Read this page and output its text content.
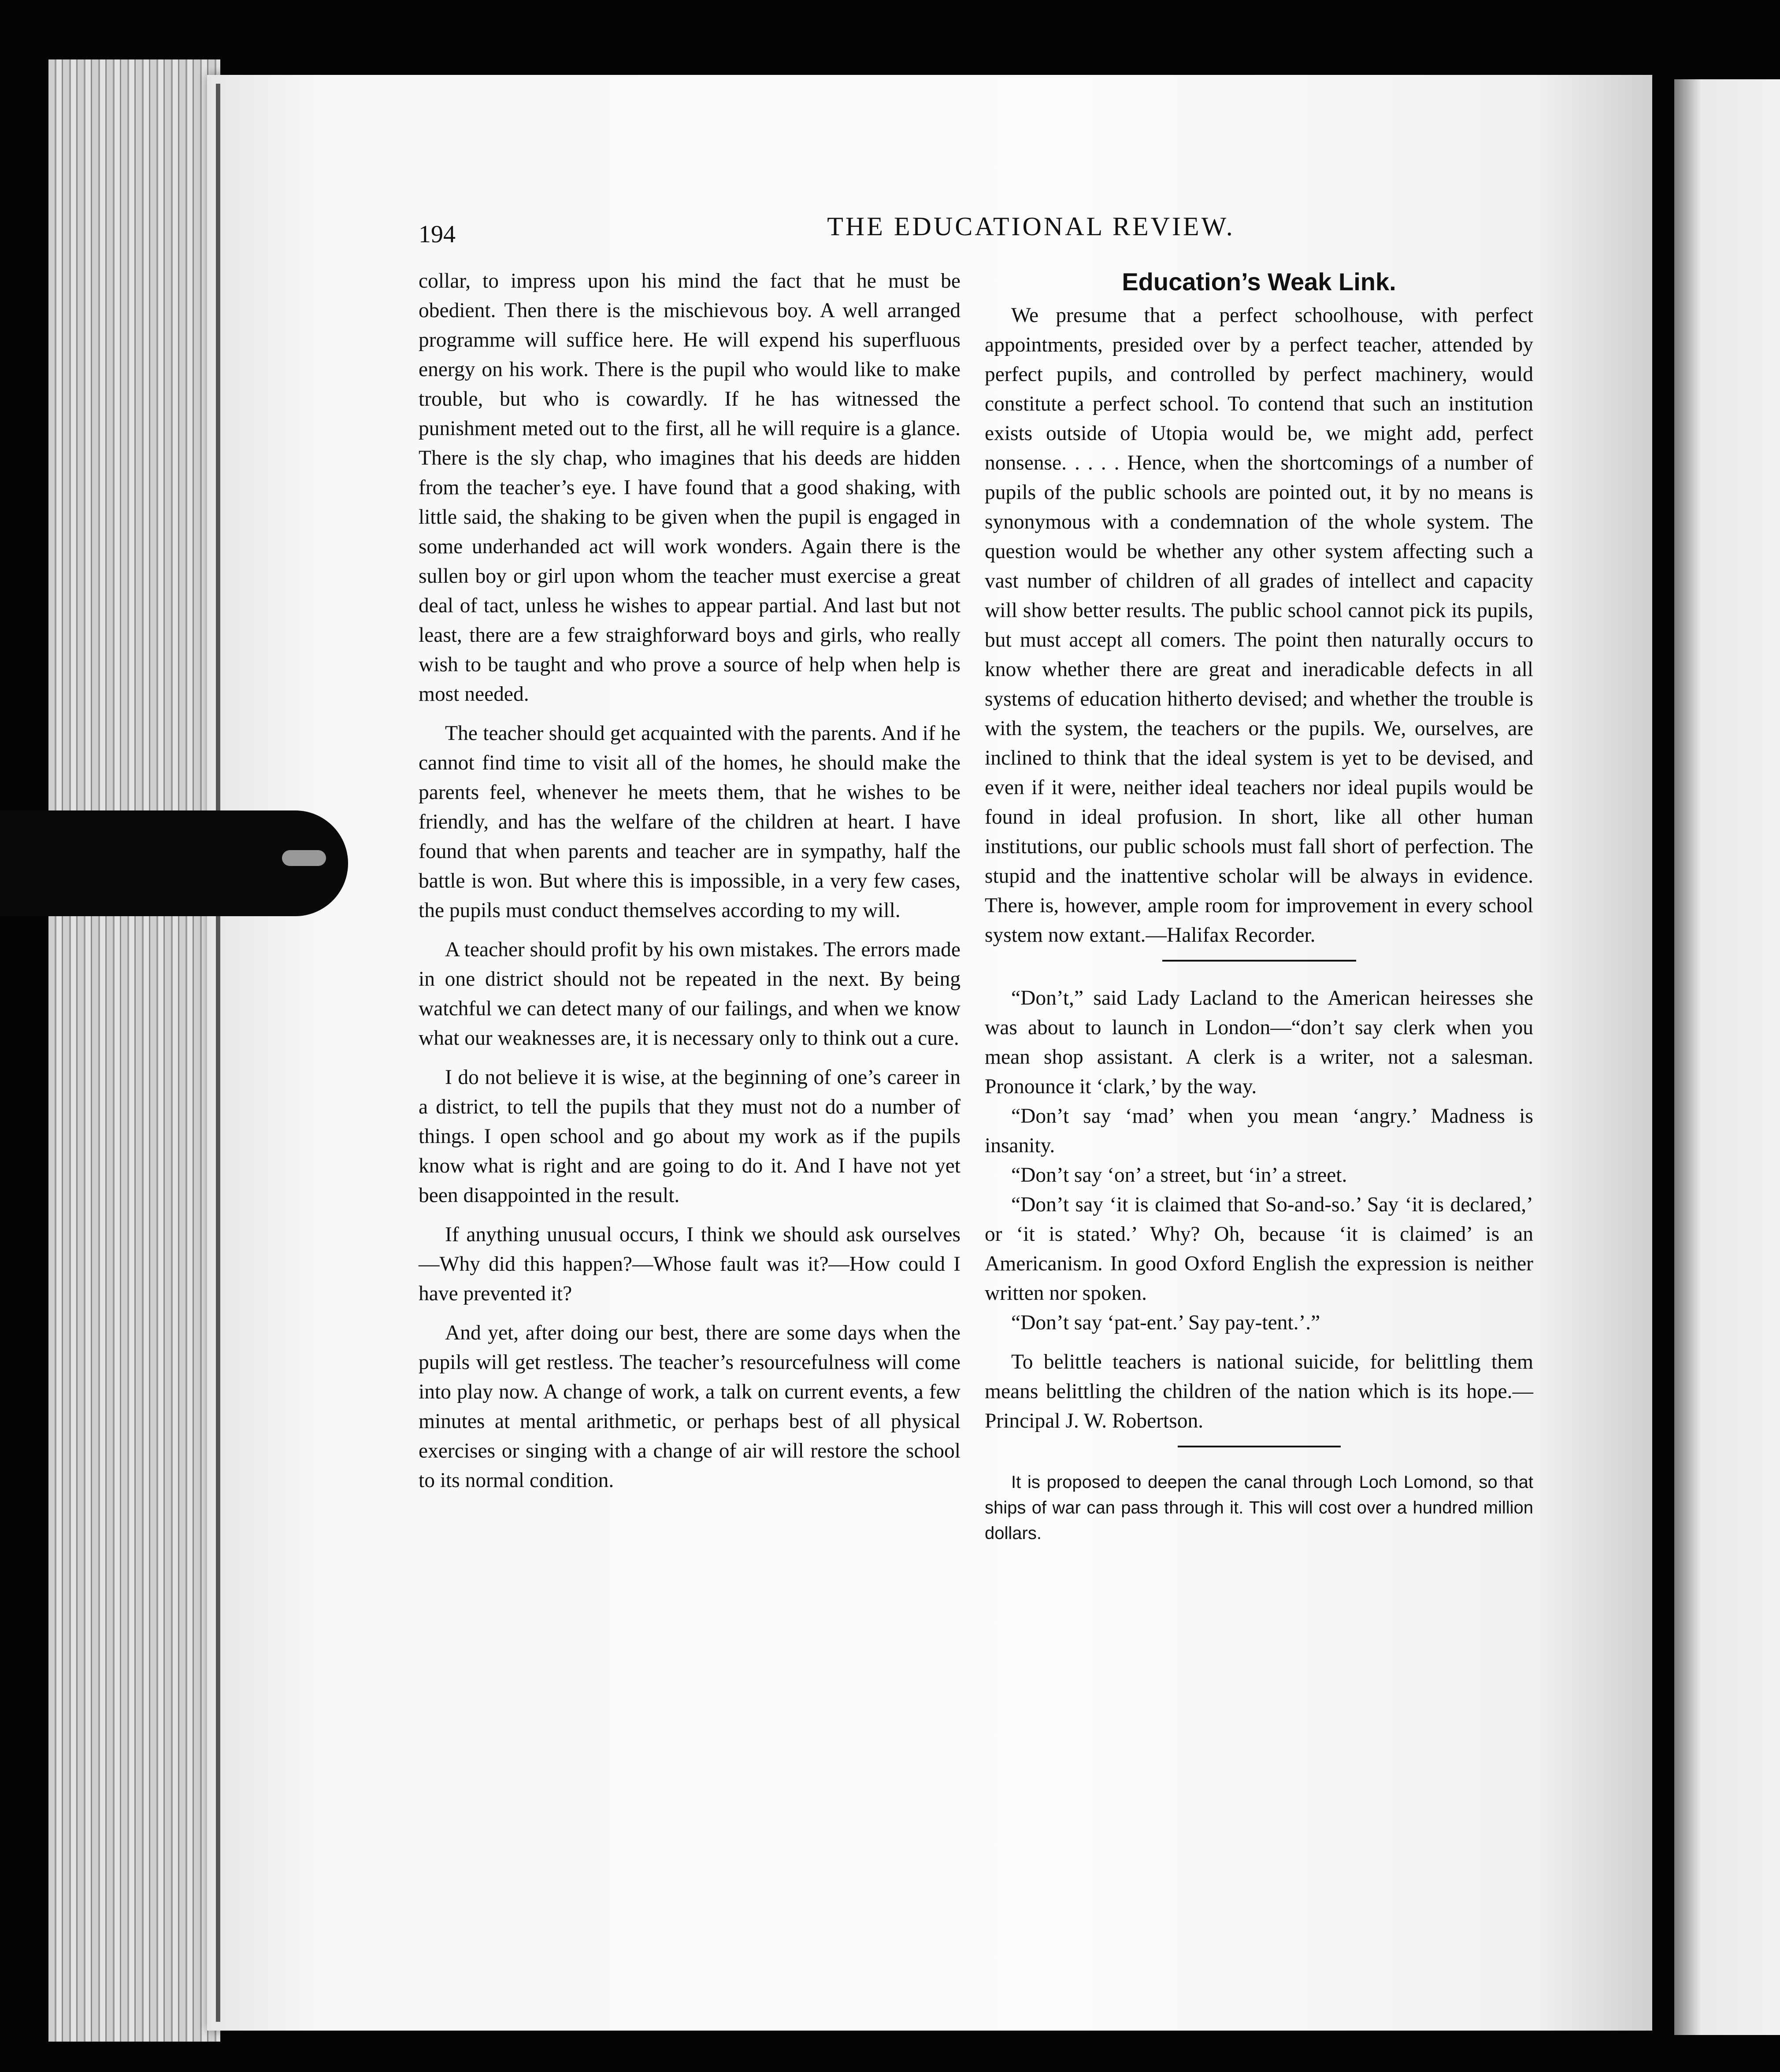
194	THE EDUCATIONAL REVIEW.

collar, to impress upon his mind the fact that he must be obedient. Then there is the mischievous boy. A well arranged programme will suffice here. He will expend his superfluous energy on his work. There is the pupil who would like to make trouble, but who is cowardly. If he has witnessed the punishment meted out to the first, all he will require is a glance. There is the sly chap, who imagines that his deeds are hidden from the teacher’s eye. I have found that a good shaking, with little said, the shaking to be given when the pupil is engaged in some underhanded act will work wonders. Again there is the sullen boy or girl upon whom the teacher must exercise a great deal of tact, unless he wishes to appear partial. And last but not least, there are a few straighforward boys and girls, who really wish to be taught and who prove a source of help when help is most needed.

The teacher should get acquainted with the parents. And if he cannot find time to visit all of the homes, he should make the parents feel, whenever he meets them, that he wishes to be friendly, and has the welfare of the children at heart. I have found that when parents and teacher are in sympathy, half the battle is won. But where this is impossible, in a very few cases, the pupils must conduct themselves according to my will.

A teacher should profit by his own mistakes. The errors made in one district should not be repeated in the next. By being watchful we can detect many of our failings, and when we know what our weaknesses are, it is necessary only to think out a cure.

I do not believe it is wise, at the beginning of one’s career in a district, to tell the pupils that they must not do a number of things. I open school and go about my work as if the pupils know what is right and are going to do it. And I have not yet been disappointed in the result.

If anything unusual occurs, I think we should ask ourselves—Why did this happen?—Whose fault was it?—How could I have prevented it?

And yet, after doing our best, there are some days when the pupils will get restless. The teacher’s resourcefulness will come into play now. A change of work, a talk on current events, a few minutes at mental arithmetic, or perhaps best of all physical exercises or singing with a change of air will restore the school to its normal condition.

Education’s Weak Link.

We presume that a perfect schoolhouse, with perfect appointments, presided over by a perfect teacher, attended by perfect pupils, and controlled by perfect machinery, would constitute a perfect school. To contend that such an institution exists outside of Utopia would be, we might add, perfect nonsense. . . . . Hence, when the shortcomings of a number of pupils of the public schools are pointed out, it by no means is synonymous with a condemnation of the whole system. The question would be whether any other system affecting such a vast number of children of all grades of intellect and capacity will show better results. The public school cannot pick its pupils, but must accept all comers. The point then naturally occurs to know whether there are great and ineradicable defects in all systems of education hitherto devised; and whether the trouble is with the system, the teachers or the pupils. We, ourselves, are inclined to think that the ideal system is yet to be devised, and even if it were, neither ideal teachers nor ideal pupils would be found in ideal profusion. In short, like all other human institutions, our public schools must fall short of perfection. The stupid and the inattentive scholar will be always in evidence. There is, however, ample room for improvement in every school system now extant.—Halifax Recorder.

“Don’t,” said Lady Lacland to the American heiresses she was about to launch in London—“don’t say clerk when you mean shop assistant. A clerk is a writer, not a salesman. Pronounce it ‘clark,’ by the way.

“Don’t say ‘mad’ when you mean ‘angry.’ Madness is insanity.

“Don’t say ‘on’ a street, but ‘in’ a street.

“Don’t say ‘it is claimed that So-and-so.’ Say ‘it is declared,’ or ‘it is stated.’ Why? Oh, because ‘it is claimed’ is an Americanism. In good Oxford English the expression is neither written nor spoken.

“Don’t say ‘pat-ent.’ Say pay-tent.’.”

To belittle teachers is national suicide, for belittling them means belittling the children of the nation which is its hope.—Principal J. W. Robertson.

It is proposed to deepen the canal through Loch Lomond, so that ships of war can pass through it. This will cost over a hundred million dollars.
